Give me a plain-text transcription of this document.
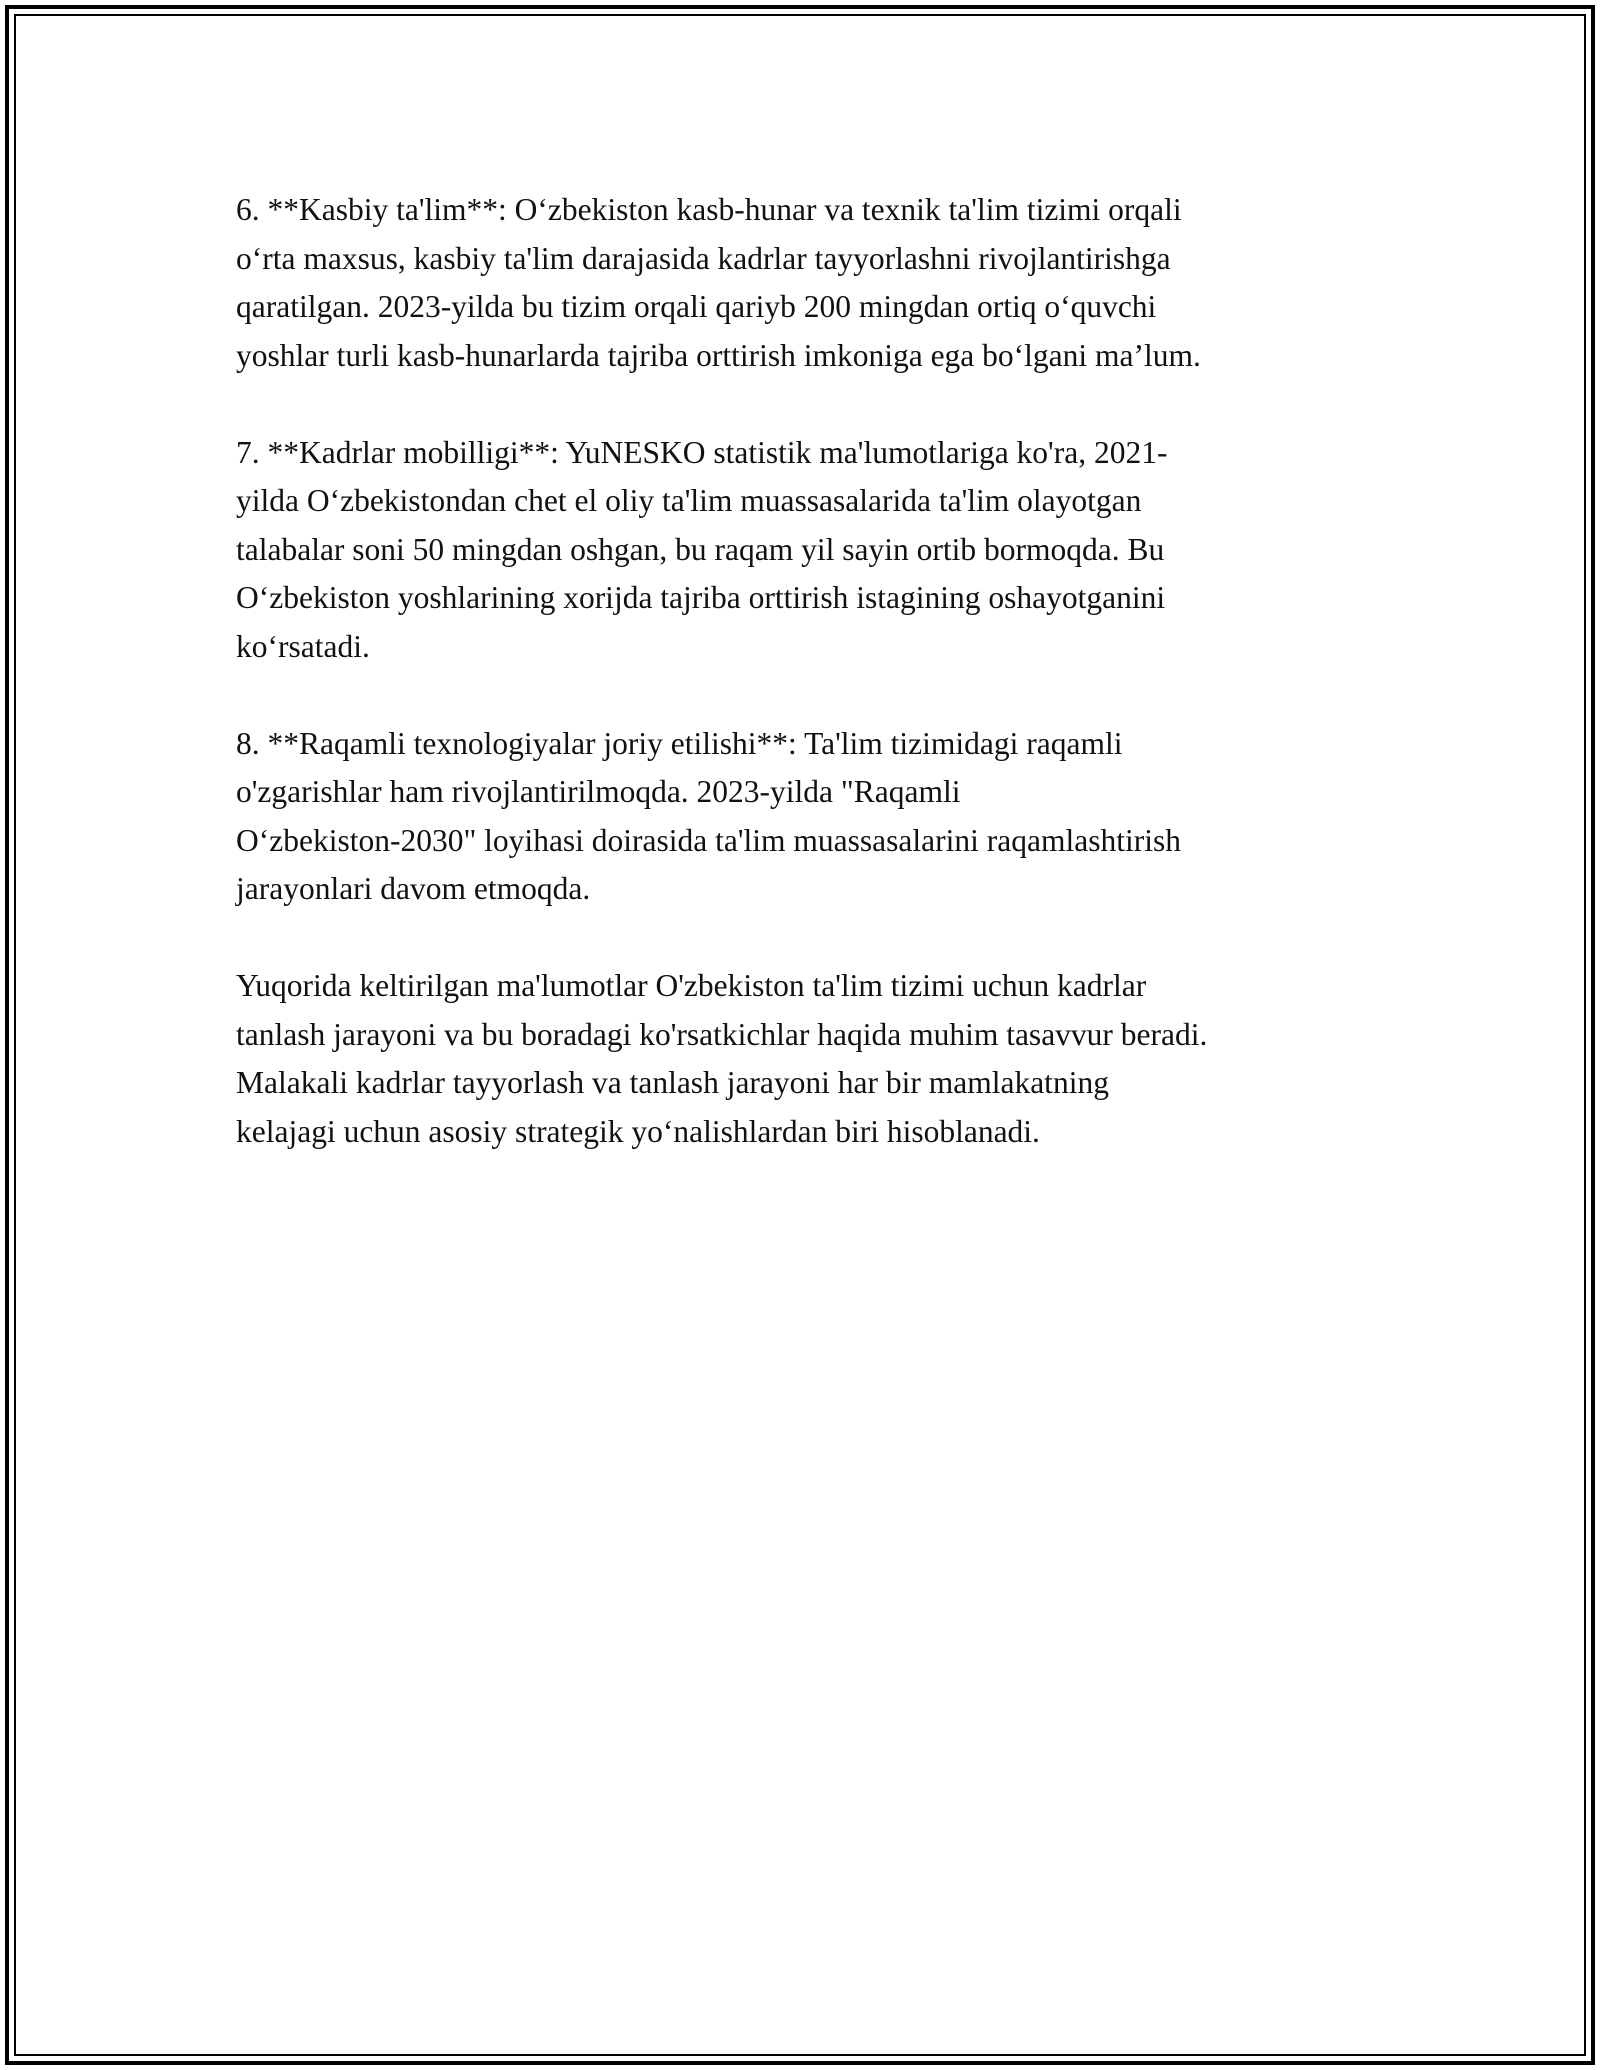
6. **Kasbiy ta'lim**: O‘zbekiston kasb-hunar va texnik ta'lim tizimi orqali
o‘rta maxsus, kasbiy ta'lim darajasida kadrlar tayyorlashni rivojlantirishga
qaratilgan. 2023-yilda bu tizim orqali qariyb 200 mingdan ortiq o‘quvchi
yoshlar turli kasb-hunarlarda tajriba orttirish imkoniga ega bo‘lgani ma’lum.

7. **Kadrlar mobilligi**: YuNESKO statistik ma'lumotlariga ko'ra, 2021-
yilda O‘zbekistondan chet el oliy ta'lim muassasalarida ta'lim olayotgan
talabalar soni 50 mingdan oshgan, bu raqam yil sayin ortib bormoqda. Bu
O‘zbekiston yoshlarining xorijda tajriba orttirish istagining oshayotganini
ko‘rsatadi.

8. **Raqamli texnologiyalar joriy etilishi**: Ta'lim tizimidagi raqamli
o'zgarishlar ham rivojlantirilmoqda. 2023-yilda "Raqamli
O‘zbekiston-2030" loyihasi doirasida ta'lim muassasalarini raqamlashtirish
jarayonlari davom etmoqda.

Yuqorida keltirilgan ma'lumotlar O'zbekiston ta'lim tizimi uchun kadrlar
tanlash jarayoni va bu boradagi ko'rsatkichlar haqida muhim tasavvur beradi.
Malakali kadrlar tayyorlash va tanlash jarayoni har bir mamlakatning
kelajagi uchun asosiy strategik yo‘nalishlardan biri hisoblanadi.
